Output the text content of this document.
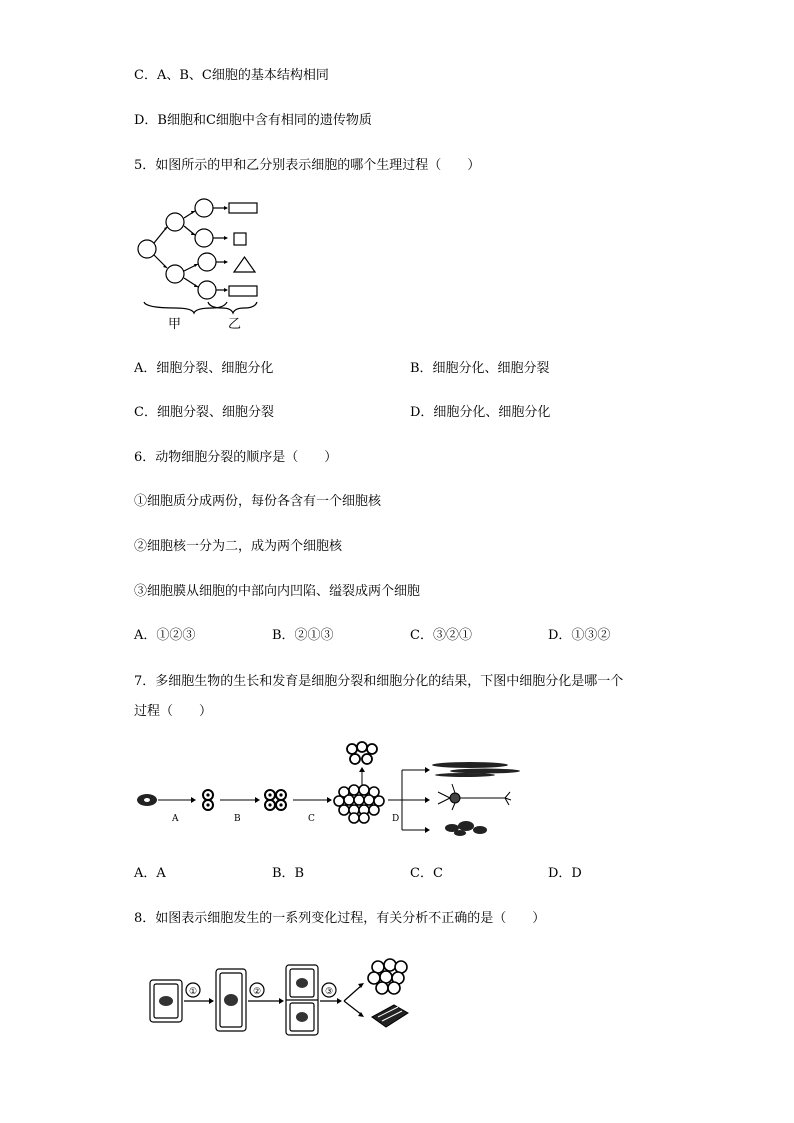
C．A、B、C细胞的基本结构相同
D．B细胞和C细胞中含有相同的遗传物质
5．如图所示的甲和乙分别表示细胞的哪个生理过程（　　）
甲	乙
A．细胞分裂、细胞分化	B．细胞分化、细胞分裂
C．细胞分裂、细胞分裂	D．细胞分化、细胞分化
6．动物细胞分裂的顺序是（　　）
①细胞质分成两份，每份各含有一个细胞核
②细胞核一分为二，成为两个细胞核
③细胞膜从细胞的中部向内凹陷、缢裂成两个细胞
A．①②③	B．②①③	C．③②①	D．①③②
7．多细胞生物的生长和发育是细胞分裂和细胞分化的结果，下图中细胞分化是哪一个
过程（　　）
A	B	C	D
A．A	B．B	C．C	D．D
8．如图表示细胞发生的一系列变化过程，有关分析不正确的是（　　）
①	②	③
